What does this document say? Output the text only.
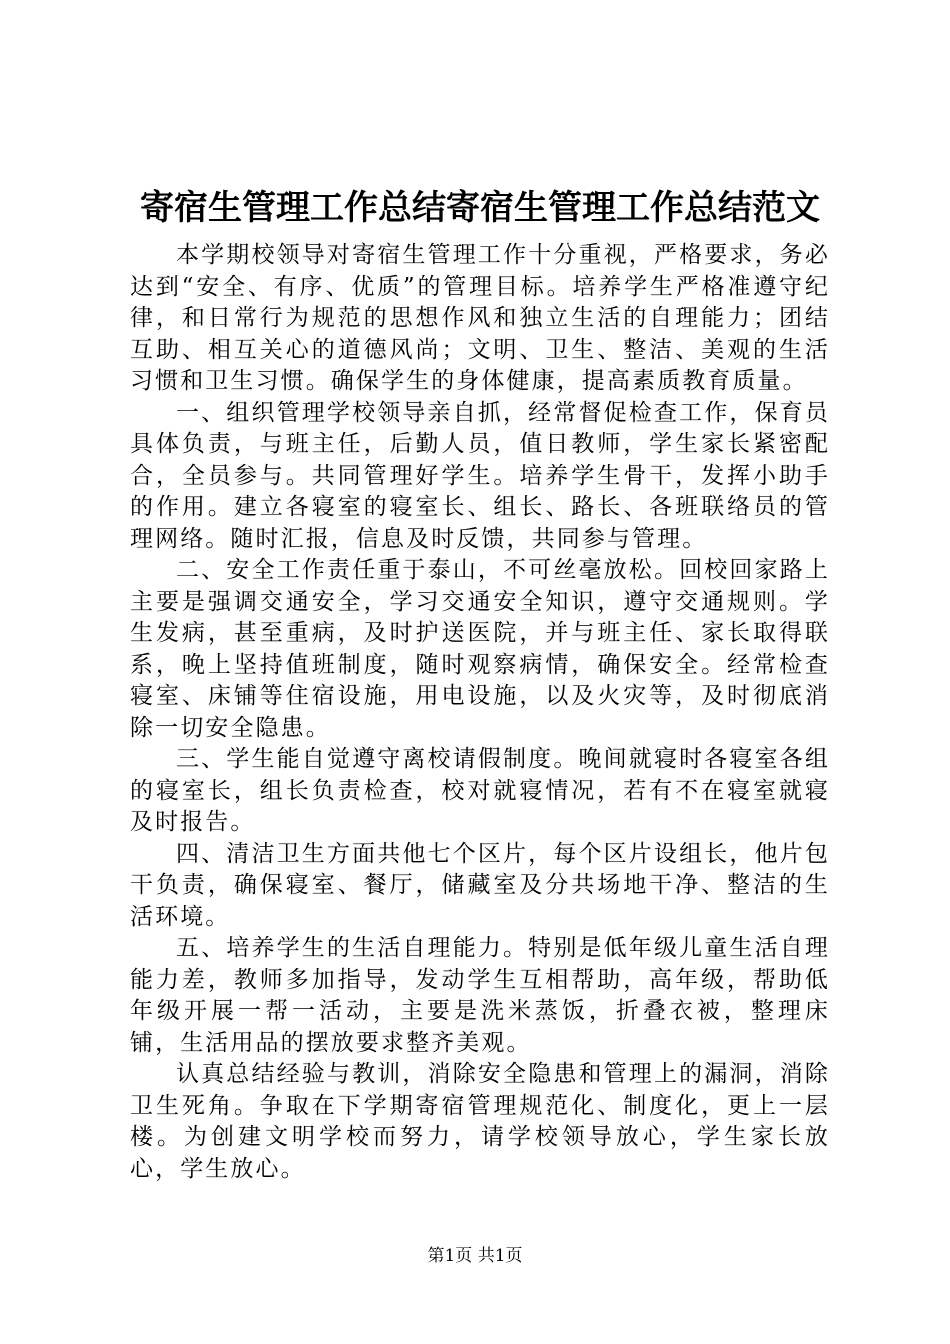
寄宿生管理工作总结寄宿生管理工作总结范文

本学期校领导对寄宿生管理工作十分重视，严格要求，务必达到“安全、有序、优质”的管理目标。培养学生严格准遵守纪律，和日常行为规范的思想作风和独立生活的自理能力；团结互助、相互关心的道德风尚；文明、卫生、整洁、美观的生活习惯和卫生习惯。确保学生的身体健康，提高素质教育质量。

一、组织管理学校领导亲自抓，经常督促检查工作，保育员具体负责，与班主任，后勤人员，值日教师，学生家长紧密配合，全员参与。共同管理好学生。培养学生骨干，发挥小助手的作用。建立各寝室的寝室长、组长、路长、各班联络员的管理网络。随时汇报，信息及时反馈，共同参与管理。

二、安全工作责任重于泰山，不可丝毫放松。回校回家路上主要是强调交通安全，学习交通安全知识，遵守交通规则。学生发病，甚至重病，及时护送医院，并与班主任、家长取得联系，晚上坚持值班制度，随时观察病情，确保安全。经常检查寝室、床铺等住宿设施，用电设施，以及火灾等，及时彻底消除一切安全隐患。

三、学生能自觉遵守离校请假制度。晚间就寝时各寝室各组的寝室长，组长负责检查，校对就寝情况，若有不在寝室就寝及时报告。

四、清洁卫生方面共他七个区片，每个区片设组长，他片包干负责，确保寝室、餐厅，储藏室及分共场地干净、整洁的生活环境。

五、培养学生的生活自理能力。特别是低年级儿童生活自理能力差，教师多加指导，发动学生互相帮助，高年级，帮助低年级开展一帮一活动，主要是洗米蒸饭，折叠衣被，整理床铺，生活用品的摆放要求整齐美观。

认真总结经验与教训，消除安全隐患和管理上的漏洞，消除卫生死角。争取在下学期寄宿管理规范化、制度化，更上一层楼。为创建文明学校而努力，请学校领导放心，学生家长放心，学生放心。

第1页 共1页
